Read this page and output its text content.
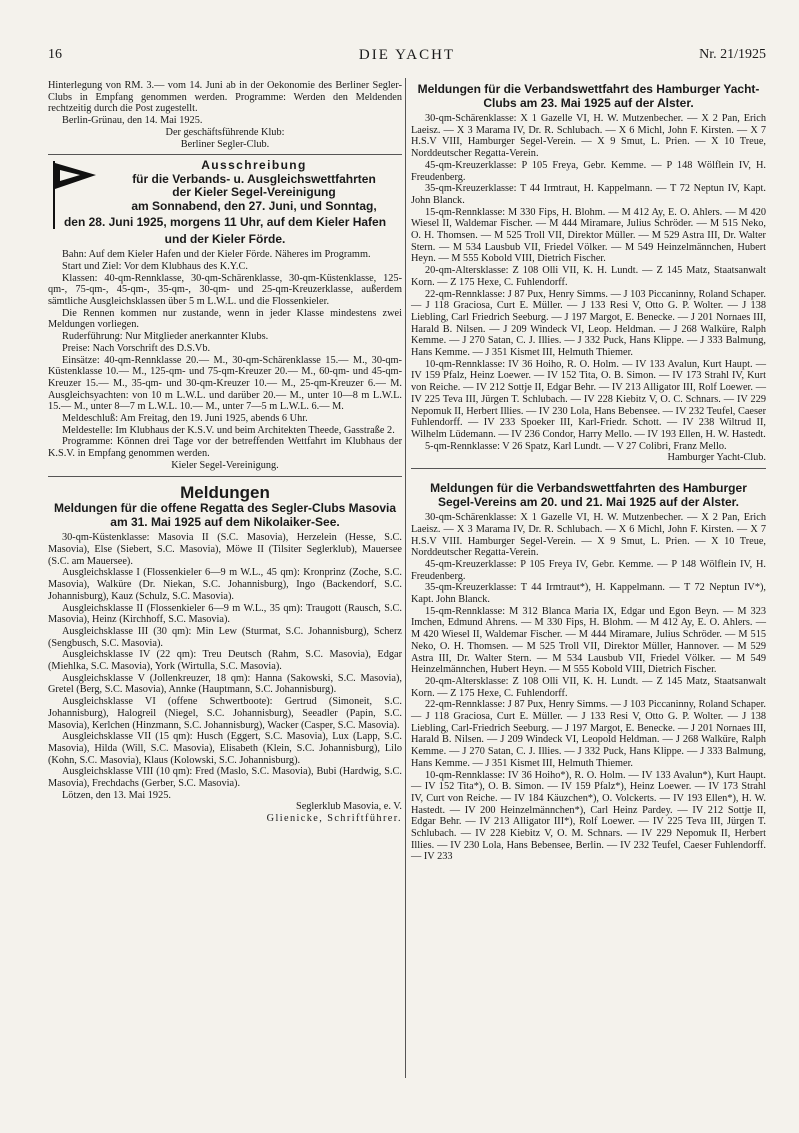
16	DIE YACHT	Nr. 21/1925

Hinterlegung von RM. 3.— vom 14. Juni ab in der Oekonomie des Berliner Segler-Clubs in Empfang genommen werden. Programme: Werden den Meldenden rechtzeitig durch die Post zugestellt.

Berlin-Grünau, den 14. Mai 1925.

Der geschäftsführende Klub:

Berliner Segler-Club.

Ausschreibung
für die Verbands- u. Ausgleichswettfahrten
der Kieler Segel-Vereinigung
am Sonnabend, den 27. Juni, und Sonntag,
den 28. Juni 1925, morgens 11 Uhr, auf dem Kieler Hafen
und der Kieler Förde.

Bahn: Auf dem Kieler Hafen und der Kieler Förde. Näheres im Programm.

Start und Ziel: Vor dem Klubhaus des K.Y.C.

Klassen: 40-qm-Rennklasse, 30-qm-Schärenklasse, 30-qm-Küstenklasse, 125-qm-, 75-qm-, 45-qm-, 35-qm-, 30-qm- und 25-qm-Kreuzerklasse, außerdem sämtliche Ausgleichsklassen über 5 m L.W.L. und die Flossenkieler.

Die Rennen kommen nur zustande, wenn in jeder Klasse mindestens zwei Meldungen vorliegen.

Ruderführung: Nur Mitglieder anerkannter Klubs.

Preise: Nach Vorschrift des D.S.Vb.

Einsätze: 40-qm-Rennklasse 20.— M., 30-qm-Schärenklasse 15.— M., 30-qm-Küstenklasse 10.— M., 125-qm- und 75-qm-Kreuzer 20.— M., 60-qm- und 45-qm-Kreuzer 15.— M., 35-qm- und 30-qm-Kreuzer 10.— M., 25-qm-Kreuzer 6.— M. Ausgleichsyachten: von 10 m L.W.L. und darüber 20.— M., unter 10—8 m L.W.L. 15.— M., unter 8—7 m L.W.L. 10.— M., unter 7—5 m L.W.L. 6.— M.

Meldeschluß: Am Freitag, den 19. Juni 1925, abends 6 Uhr.

Meldestelle: Im Klubhaus der K.S.V. und beim Architekten Theede, Gasstraße 2.

Programme: Können drei Tage vor der betreffenden Wettfahrt im Klubhaus der K.S.V. in Empfang genommen werden.

Kieler Segel-Vereinigung.

Meldungen
Meldungen für die offene Regatta des Segler-Clubs Masovia am 31. Mai 1925 auf dem Nikolaiker-See.

30-qm-Küstenklasse: Masovia II (S.C. Masovia), Herzelein (Hesse, S.C. Masovia), Else (Siebert, S.C. Masovia), Möwe II (Tilsiter Seglerklub), Mauersee (S.C. am Mauersee).

Ausgleichsklasse I (Flossenkieler 6—9 m W.L., 45 qm): Kronprinz (Zoche, S.C. Masovia), Walküre (Dr. Niekan, S.C. Johannisburg), Ingo (Backendorf, S.C. Johannisburg), Kauz (Schulz, S.C. Masovia).

Ausgleichsklasse II (Flossenkieler 6—9 m W.L., 35 qm): Traugott (Rausch, S.C. Masovia), Heinz (Kirchhoff, S.C. Masovia).

Ausgleichsklasse III (30 qm): Min Lew (Sturmat, S.C. Johannisburg), Scherz (Sengbusch, S.C. Masovia).

Ausgleichsklasse IV (22 qm): Treu Deutsch (Rahm, S.C. Masovia), Edgar (Miehlka, S.C. Masovia), York (Wirtulla, S.C. Masovia).

Ausgleichsklasse V (Jollenkreuzer, 18 qm): Hanna (Sakowski, S.C. Masovia), Gretel (Berg, S.C. Masovia), Annke (Hauptmann, S.C. Johannisburg).

Ausgleichsklasse VI (offene Schwertboote): Gertrud (Simoneit, S.C. Johannisburg), Halogreil (Niegel, S.C. Johannisburg), Seeadler (Papin, S.C. Masovia), Kerlchen (Hinzmann, S.C. Johannisburg), Wacker (Casper, S.C. Masovia).

Ausgleichsklasse VII (15 qm): Husch (Eggert, S.C. Masovia), Lux (Lapp, S.C. Masovia), Hilda (Will, S.C. Masovia), Elisabeth (Klein, S.C. Johannisburg), Lilo (Kohn, S.C. Masovia), Klaus (Kolowski, S.C. Johannisburg).

Ausgleichsklasse VIII (10 qm): Fred (Maslo, S.C. Masovia), Bubi (Hardwig, S.C. Masovia), Frechdachs (Gerber, S.C. Masovia).

Lötzen, den 13. Mai 1925.

Seglerklub Masovia, e. V.

Glienicke, Schriftführer.

Meldungen für die Verbandswettfahrt des Hamburger Yacht-Clubs am 23. Mai 1925 auf der Alster.

30-qm-Schärenklasse: X 1 Gazelle VI, H. W. Mutzenbecher. — X 2 Pan, Erich Laeisz. — X 3 Marama IV, Dr. R. Schlubach. — X 6 Michl, John F. Kirsten. — X 7 H.S.V VIII, Hamburger Segel-Verein. — X 9 Smut, L. Prien. — X 10 Treue, Norddeutscher Regatta-Verein.

45-qm-Kreuzerklasse: P 105 Freya, Gebr. Kemme. — P 148 Wölflein IV, H. Freudenberg.

35-qm-Kreuzerklasse: T 44 Irmtraut, H. Kappelmann. — T 72 Neptun IV, Kapt. John Blanck.

15-qm-Rennklasse: M 330 Fips, H. Blohm. — M 412 Ay, E. O. Ahlers. — M 420 Wiesel II, Waldemar Fischer. — M 444 Miramare, Julius Schröder. — M 515 Neko, O. H. Thomsen. — M 525 Troll VII, Direktor Müller. — M 529 Astra III, Dr. Walter Stern. — M 534 Lausbub VII, Friedel Völker. — M 549 Heinzelmännchen, Hubert Heyn. — M 555 Kobold VIII, Dietrich Fischer.

20-qm-Altersklasse: Z 108 Olli VII, K. H. Lundt. — Z 145 Matz, Staatsanwalt Korn. — Z 175 Hexe, C. Fuhlendorff.

22-qm-Rennklasse: J 87 Pux, Henry Simms. — J 103 Piccaninny, Roland Schaper. — J 118 Graciosa, Curt E. Müller. — J 133 Resi V, Otto G. P. Wolter. — J 138 Liebling, Carl Friedrich Seeburg. — J 197 Margot, E. Benecke. — J 201 Nornaes III, Harald B. Nilsen. — J 209 Windeck VI, Leop. Heldman. — J 268 Walküre, Ralph Kemme. — J 270 Satan, C. J. Illies. — J 332 Puck, Hans Klippe. — J 333 Balmung, Hans Kemme. — J 351 Kismet III, Helmuth Thiemer.

10-qm-Rennklasse: IV 36 Hoiho, R. O. Holm. — IV 133 Avalun, Kurt Haupt. — IV 159 Pfalz, Heinz Loewer. — IV 152 Tita, O. B. Simon. — IV 173 Strahl IV, Kurt von Reiche. — IV 212 Sottje II, Edgar Behr. — IV 213 Alligator III, Rolf Loewer. — IV 225 Teva III, Jürgen T. Schlubach. — IV 228 Kiebitz V, O. C. Schnars. — IV 229 Nepomuk II, Herbert Illies. — IV 230 Lola, Hans Bebensee. — IV 232 Teufel, Caeser Fuhlendorff. — IV 233 Spoeker III, Karl-Friedr. Schott. — IV 238 Wiltrud II, Wilhelm Lüdemann. — IV 236 Condor, Harry Mello. — IV 193 Ellen, H. W. Hastedt.

5-qm-Rennklasse: V 26 Spatz, Karl Lundt. — V 27 Colibri, Franz Mello.

Hamburger Yacht-Club.

Meldungen für die Verbandswettfahrten des Hamburger Segel-Vereins am 20. und 21. Mai 1925 auf der Alster.

30-qm-Schärenklasse: X 1 Gazelle VI, H. W. Mutzenbecher. — X 2 Pan, Erich Laeisz. — X 3 Marama IV, Dr. R. Schlubach. — X 6 Michl, John F. Kirsten. — X 7 H.S.V VIII. Hamburger Segel-Verein. — X 9 Smut, L. Prien. — X 10 Treue, Norddeutscher Regatta-Verein.

45-qm-Kreuzerklasse: P 105 Freya IV, Gebr. Kemme. — P 148 Wölflein IV, H. Freudenberg.

35-qm-Kreuzerklasse: T 44 Irmtraut*), H. Kappelmann. — T 72 Neptun IV*), Kapt. John Blanck.

15-qm-Rennklasse: M 312 Blanca Maria IX, Edgar und Egon Beyn. — M 323 Imchen, Edmund Ahrens. — M 330 Fips, H. Blohm. — M 412 Ay, E. O. Ahlers. — M 420 Wiesel II, Waldemar Fischer. — M 444 Miramare, Julius Schröder. — M 515 Neko, O. H. Thomsen. — M 525 Troll VII, Direktor Müller, Hannover. — M 529 Astra III, Dr. Walter Stern. — M 534 Lausbub VII, Friedel Völker. — M 549 Heinzelmännchen, Hubert Heyn. — M 555 Kobold VIII, Dietrich Fischer.

20-qm-Altersklasse: Z 108 Olli VII, K. H. Lundt. — Z 145 Matz, Staatsanwalt Korn. — Z 175 Hexe, C. Fuhlendorff.

22-qm-Rennklasse: J 87 Pux, Henry Simms. — J 103 Piccaninny, Roland Schaper. — J 118 Graciosa, Curt E. Müller. — J 133 Resi V, Otto G. P. Wolter. — J 138 Liebling, Carl-Friedrich Seeburg. — J 197 Margot, E. Benecke. — J 201 Nornaes III, Harald B. Nilsen. — J 209 Windeck VI, Leopold Heldman. — J 268 Walküre, Ralph Kemme. — J 270 Satan, C. J. Illies. — J 332 Puck, Hans Klippe. — J 333 Balmung, Hans Kemme. — J 351 Kismet III, Helmuth Thiemer.

10-qm-Rennklasse: IV 36 Hoiho*), R. O. Holm. — IV 133 Avalun*), Kurt Haupt. — IV 152 Tita*), O. B. Simon. — IV 159 Pfalz*), Heinz Loewer. — IV 173 Strahl IV, Curt von Reiche. — IV 184 Käuzchen*), O. Volckerts. — IV 193 Ellen*), H. W. Hastedt. — IV 200 Heinzelmännchen*), Carl Heinz Pardey. — IV 212 Sottje II, Edgar Behr. — IV 213 Alligator III*), Rolf Loewer. — IV 225 Teva III, Jürgen T. Schlubach. — IV 228 Kiebitz V, O. M. Schnars. — IV 229 Nepomuk II, Herbert Illies. — IV 230 Lola, Hans Bebensee, Berlin. — IV 232 Teufel, Caeser Fuhlendorff. — IV 233
